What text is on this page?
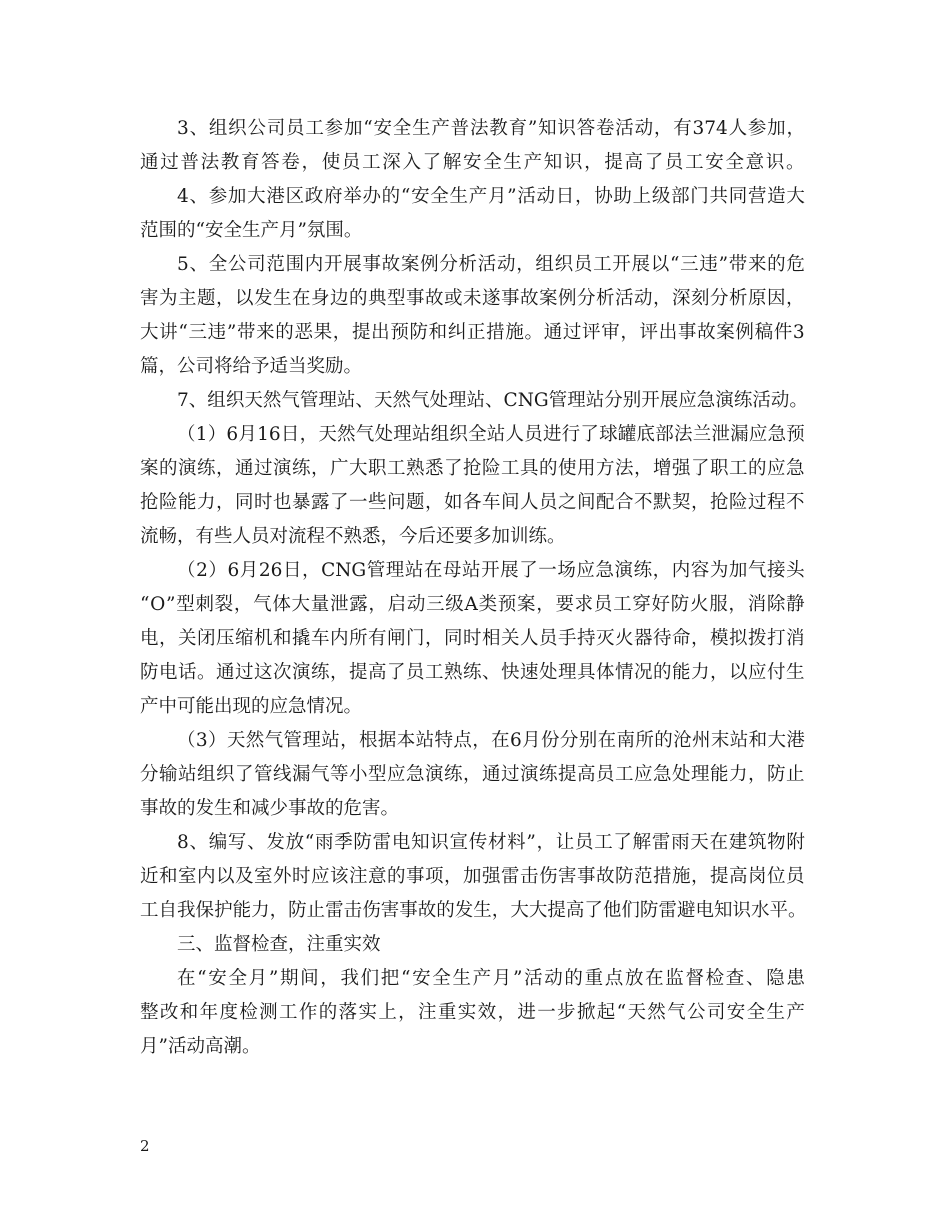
3 、 组 织 公 司 员 工 参 加 “ 安 全 生 产 普 法 教 育 ” 知 识 答 卷 活 动 ， 有 374 人 参 加 ，
通 过 普 法 教 育 答 卷 ， 使 员 工 深 入 了 解 安 全 生 产 知 识 ， 提 高 了 员 工 安 全 意 识 。
4 、 参 加 大 港 区 政 府 举 办 的 “ 安 全 生 产 月 ” 活 动 日 ， 协 助 上 级 部 门 共 同 营 造 大
范围的“安全生产月”氛围。
5 、 全 公 司 范 围 内 开 展 事 故 案 例 分 析 活 动 ， 组 织 员 工 开 展 以 “ 三 违 ” 带 来 的 危
害 为 主 题 ， 以 发 生 在 身 边 的 典 型 事 故 或 未 遂 事 故 案 例 分 析 活 动 ， 深 刻 分 析 原 因 ，
大 讲 “ 三 违 ” 带 来 的 恶 果 ， 提 出 预 防 和 纠 正 措 施 。 通 过 评 审 ， 评 出 事 故 案 例 稿 件 3
篇，公司将给予适当奖励。
7 、 组 织 天 然 气 管 理 站 、 天 然 气 处 理 站 、 CNG 管 理 站 分 别 开 展 应 急 演 练 活 动 。
（ 1 ） 6 月 16 日 ， 天 然 气 处 理 站 组 织 全 站 人 员 进 行 了 球 罐 底 部 法 兰 泄 漏 应 急 预
案 的 演 练 ， 通 过 演 练 ， 广 大 职 工 熟 悉 了 抢 险 工 具 的 使 用 方 法 ， 增 强 了 职 工 的 应 急
抢 险 能 力 ， 同 时 也 暴 露 了 一 些 问 题 ， 如 各 车 间 人 员 之 间 配 合 不 默 契 ， 抢 险 过 程 不
流畅，有些人员对流程不熟悉，今后还要多加训练。
（ 2 ） 6 月 26 日 ， CNG 管 理 站 在 母 站 开 展 了 一 场 应 急 演 练 ， 内 容 为 加 气 接 头
“ O ” 型 刺 裂 ， 气 体 大 量 泄 露 ， 启 动 三 级 A 类 预 案 ， 要 求 员 工 穿 好 防 火 服 ， 消 除 静
电 ， 关 闭 压 缩 机 和 撬 车 内 所 有 闸 门 ， 同 时 相 关 人 员 手 持 灭 火 器 待 命 ， 模 拟 拨 打 消
防 电 话 。 通 过 这 次 演 练 ， 提 高 了 员 工 熟 练 、 快 速 处 理 具 体 情 况 的 能 力 ， 以 应 付 生
产中可能出现的应急情况。
（ 3 ） 天 然 气 管 理 站 ， 根 据 本 站 特 点 ， 在 6 月 份 分 别 在 南 所 的 沧 州 末 站 和 大 港
分 输 站 组 织 了 管 线 漏 气 等 小 型 应 急 演 练 ， 通 过 演 练 提 高 员 工 应 急 处 理 能 力 ， 防 止
事故的发生和减少事故的危害。
8 、 编 写 、 发 放 “ 雨 季 防 雷 电 知 识 宣 传 材 料 ” ， 让 员 工 了 解 雷 雨 天 在 建 筑 物 附
近 和 室 内 以 及 室 外 时 应 该 注 意 的 事 项 ， 加 强 雷 击 伤 害 事 故 防 范 措 施 ， 提 高 岗 位 员
工 自 我 保 护 能 力 ， 防 止 雷 击 伤 害 事 故 的 发 生 ， 大 大 提 高 了 他 们 防 雷 避 电 知 识 水 平 。
三、监督检查，注重实效
在 “ 安 全 月 ” 期 间 ， 我 们 把 “ 安 全 生 产 月 ” 活 动 的 重 点 放 在 监 督 检 查 、 隐 患
整 改 和 年 度 检 测 工 作 的 落 实 上 ， 注 重 实 效 ， 进 一 步 掀 起 “ 天 然 气 公 司 安 全 生 产
月”活动高潮。
2
